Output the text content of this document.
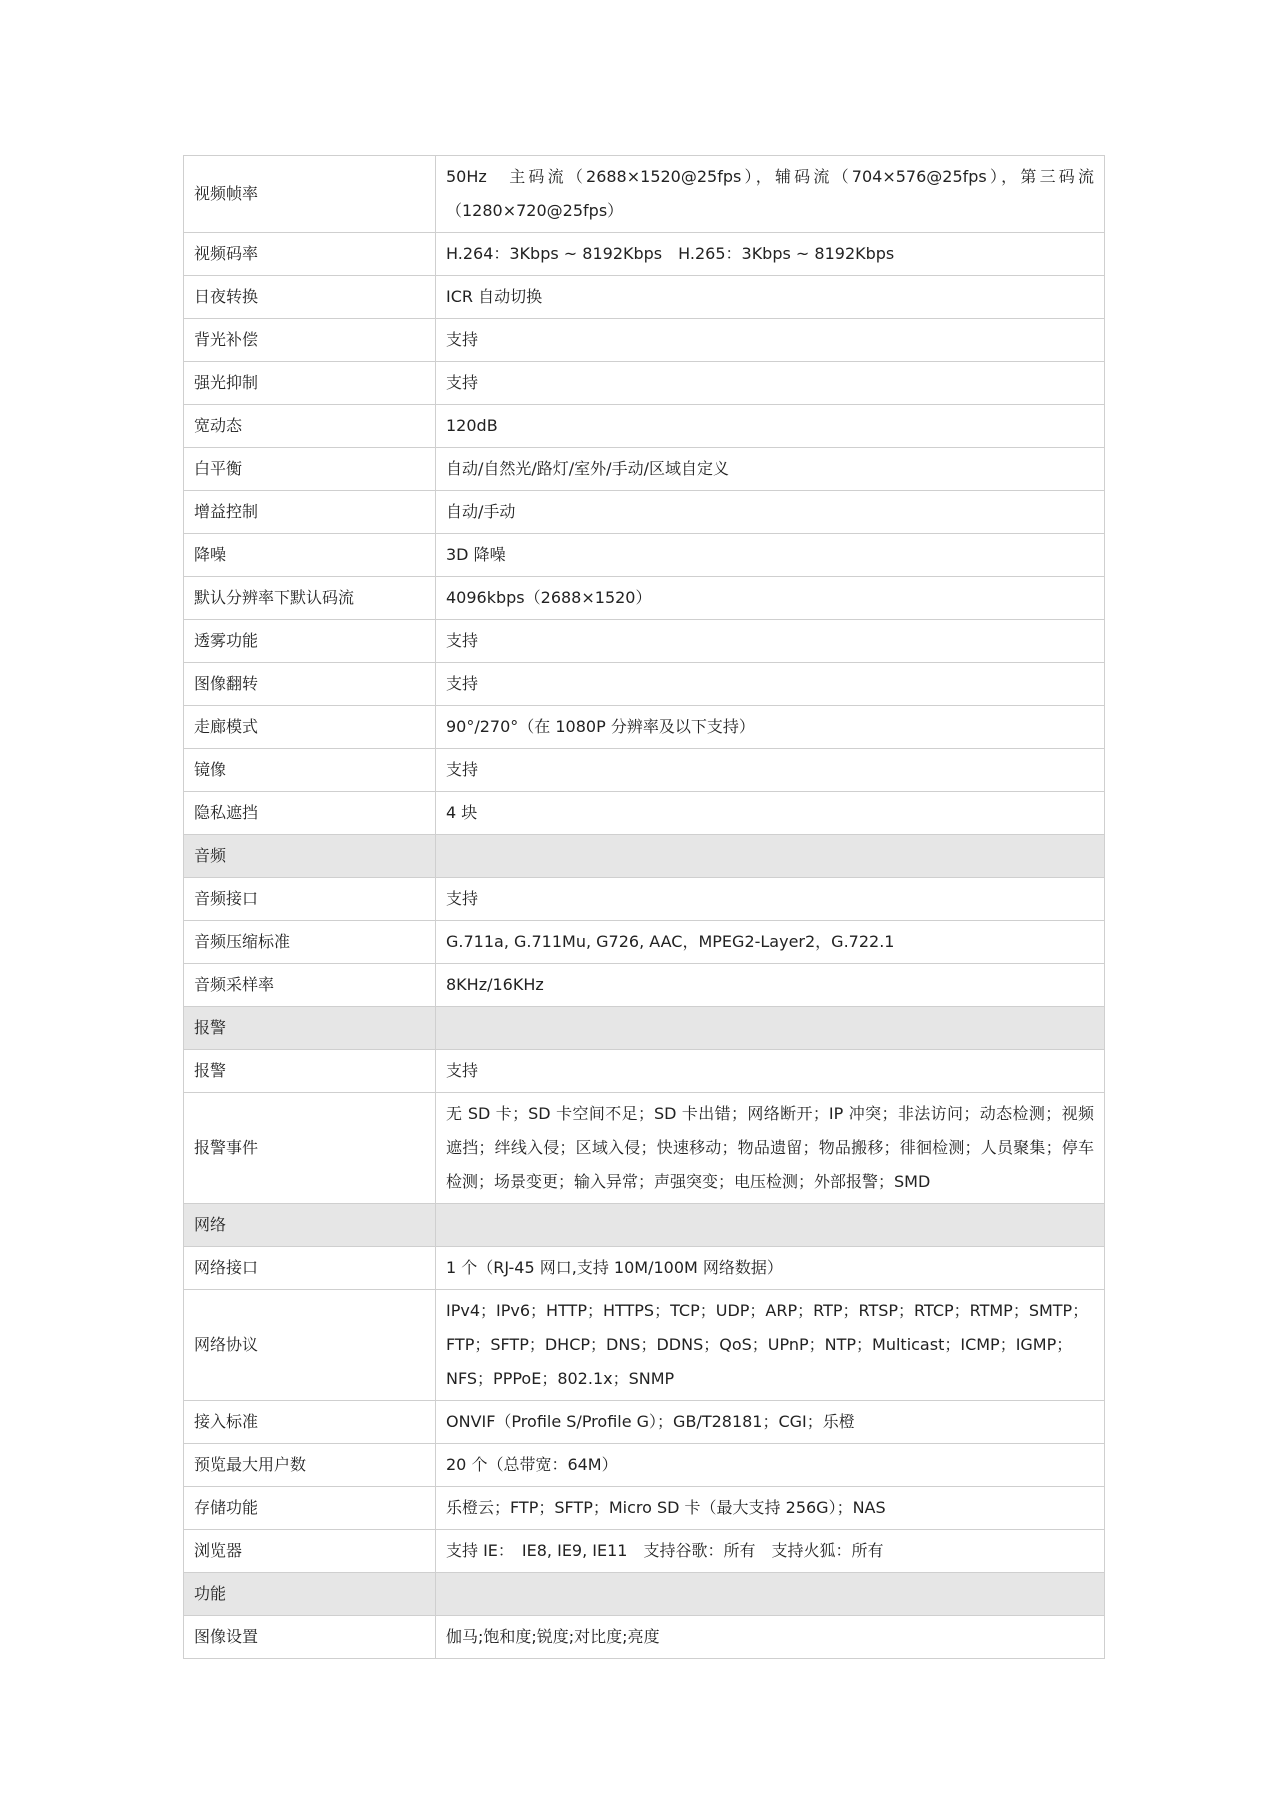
视频帧率	50Hz　主码流（2688×1520@25fps），辅码流（704×576@25fps），第三码流（1280×720@25fps）
视频码率	H.264：3Kbps ~ 8192Kbps　H.265：3Kbps ~ 8192Kbps
日夜转换	ICR 自动切换
背光补偿	支持
强光抑制	支持
宽动态	120dB
白平衡	自动/自然光/路灯/室外/手动/区域自定义
增益控制	自动/手动
降噪	3D 降噪
默认分辨率下默认码流	4096kbps（2688×1520）
透雾功能	支持
图像翻转	支持
走廊模式	90°/270°（在 1080P 分辨率及以下支持）
镜像	支持
隐私遮挡	4 块
音频	
音频接口	支持
音频压缩标准	G.711a, G.711Mu, G726, AAC，MPEG2-Layer2，G.722.1
音频采样率	8KHz/16KHz
报警	
报警	支持
报警事件	无 SD 卡；SD 卡空间不足；SD 卡出错；网络断开；IP 冲突；非法访问；动态检测；视频遮挡；绊线入侵；区域入侵；快速移动；物品遗留；物品搬移；徘徊检测；人员聚集；停车检测；场景变更；输入异常；声强突变；电压检测；外部报警；SMD
网络	
网络接口	1 个（RJ-45 网口,支持 10M/100M 网络数据）
网络协议	IPv4；IPv6；HTTP；HTTPS；TCP；UDP；ARP；RTP；RTSP；RTCP；RTMP；SMTP；FTP；SFTP；DHCP；DNS；DDNS；QoS；UPnP；NTP；Multicast；ICMP；IGMP；NFS；PPPoE；802.1x；SNMP
接入标准	ONVIF（Profile S/Profile G）；GB/T28181；CGI；乐橙
预览最大用户数	20 个（总带宽：64M）
存储功能	乐橙云；FTP；SFTP；Micro SD 卡（最大支持 256G）；NAS
浏览器	支持 IE：　IE8, IE9, IE11　支持谷歌：所有　支持火狐：所有
功能	
图像设置	伽马;饱和度;锐度;对比度;亮度
